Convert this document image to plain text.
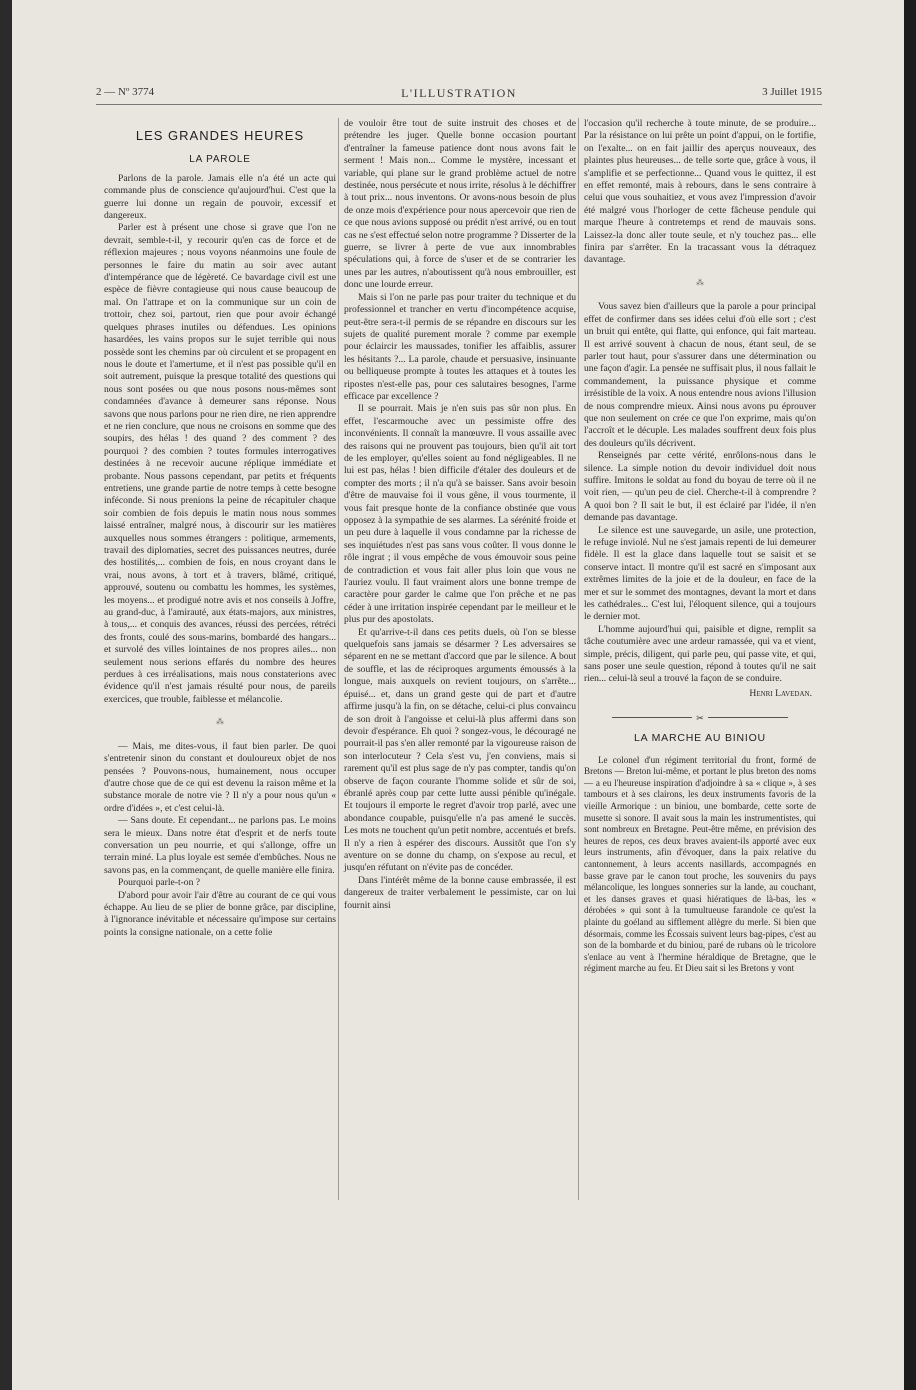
2 — Nº 3774	L'ILLUSTRATION	3 Juillet 1915
LES GRANDES HEURES
LA PAROLE

Parlons de la parole. Jamais elle n'a été un acte qui commande plus de conscience qu'aujourd'hui. C'est que la guerre lui donne un regain de pouvoir, excessif et dangereux.

Parler est à présent une chose si grave que l'on ne devrait, semble-t-il, y recourir qu'en cas de force et de réflexion majeures ; nous voyons néanmoins une foule de personnes le faire du matin au soir avec autant d'intempérance que de légèreté. Ce bavardage civil est une espèce de fièvre contagieuse qui nous cause beaucoup de mal. On l'attrape et on la communique sur un coin de trottoir, chez soi, partout, rien que pour avoir échangé quelques phrases inutiles ou défendues. Les opinions hasardées, les vains propos sur le sujet terrible qui nous possède sont les chemins par où circulent et se propagent en nous le doute et l'amertume, et il n'est pas possible qu'il en soit autrement, puisque la presque totalité des questions qui nous sont posées ou que nous posons nous-mêmes sont condamnées d'avance à demeurer sans réponse. Nous savons que nous parlons pour ne rien dire, ne rien apprendre et ne rien conclure, que nous ne croisons en somme que des soupirs, des hélas ! des quand ? des comment ? des pourquoi ? des combien ? toutes formules interrogatives destinées à ne recevoir aucune réplique immédiate et probante. Nous passons cependant, par petits et fréquents entretiens, une grande partie de notre temps à cette besogne inféconde. Si nous prenions la peine de récapituler chaque soir combien de fois depuis le matin nous nous sommes laissé entraîner, malgré nous, à discourir sur les matières auxquelles nous sommes étrangers : politique, armements, travail des diplomaties, secret des puissances neutres, durée des hostilités,... combien de fois, en nous croyant dans le vrai, nous avons, à tort et à travers, blâmé, critiqué, approuvé, soutenu ou combattu les hommes, les systèmes, les moyens... et prodigué notre avis et nos conseils à Joffre, au grand-duc, à l'amirauté, aux états-majors, aux ministres, à tous,... et conquis des avances, réussi des percées, rétréci des fronts, coulé des sous-marins, bombardé des hangars... et survolé des villes lointaines de nos propres ailes... non seulement nous serions effarés du nombre des heures perdues à ces irréalisations, mais nous constaterions avec évidence qu'il n'est jamais résulté pour nous, de pareils exercices, que trouble, faiblesse et mélancolie.

⁂

— Mais, me dites-vous, il faut bien parler. De quoi s'entretenir sinon du constant et douloureux objet de nos pensées ? Pouvons-nous, humainement, nous occuper d'autre chose que de ce qui est devenu la raison même et la substance morale de notre vie ? Il n'y a pour nous qu'un « ordre d'idées », et c'est celui-là.

— Sans doute. Et cependant... ne parlons pas. Le moins sera le mieux. Dans notre état d'esprit et de nerfs toute conversation un peu nourrie, et qui s'allonge, offre un terrain miné. La plus loyale est semée d'embûches. Nous ne savons pas, en la commençant, de quelle manière elle finira.

Pourquoi parle-t-on ?

D'abord pour avoir l'air d'être au courant de ce qui vous échappe. Au lieu de se plier de bonne grâce, par discipline, à l'ignorance inévitable et nécessaire qu'impose sur certains points la consigne nationale, on a cette folie

de vouloir être tout de suite instruit des choses et de prétendre les juger. Quelle bonne occasion pourtant d'entraîner la fameuse patience dont nous avons fait le serment ! Mais non... Comme le mystère, incessant et variable, qui plane sur le grand problème actuel de notre destinée, nous persécute et nous irrite, résolus à le déchiffrer à tout prix... nous inventons. Or avons-nous besoin de plus de onze mois d'expérience pour nous apercevoir que rien de ce que nous avions supposé ou prédit n'est arrivé, ou en tout cas ne s'est effectué selon notre programme ? Disserter de la guerre, se livrer à perte de vue aux innombrables spéculations qui, à force de s'user et de se contrarier les unes par les autres, n'aboutissent qu'à nous embrouiller, est donc une lourde erreur.

Mais si l'on ne parle pas pour traiter du technique et du professionnel et trancher en vertu d'incompétence acquise, peut-être sera-t-il permis de se répandre en discours sur les sujets de qualité purement morale ? comme par exemple pour éclaircir les maussades, tonifier les affaiblis, assurer les hésitants ?... La parole, chaude et persuasive, insinuante ou belliqueuse prompte à toutes les attaques et à toutes les ripostes n'est-elle pas, pour ces salutaires besognes, l'arme efficace par excellence ?

Il se pourrait. Mais je n'en suis pas sûr non plus. En effet, l'escarmouche avec un pessimiste offre des inconvénients. Il connaît la manœuvre. Il vous assaille avec des raisons qui ne prouvent pas toujours, bien qu'il ait tort de les employer, qu'elles soient au fond négligeables. Il ne lui est pas, hélas ! bien difficile d'étaler des douleurs et de compter des morts ; il n'a qu'à se baisser. Sans avoir besoin d'être de mauvaise foi il vous gêne, il vous tourmente, il vous fait presque honte de la confiance obstinée que vous opposez à la sympathie de ses alarmes. La sérénité froide et un peu dure à laquelle il vous condamne par la richesse de ses inquiétudes n'est pas sans vous coûter. Il vous donne le rôle ingrat ; il vous empêche de vous émouvoir sous peine de contradiction et vous fait aller plus loin que vous ne l'auriez voulu. Il faut vraiment alors une bonne trempe de caractère pour garder le calme que l'on prêche et ne pas céder à une irritation inspirée cependant par le meilleur et le plus pur des apostolats.

Et qu'arrive-t-il dans ces petits duels, où l'on se blesse quelquefois sans jamais se désarmer ? Les adversaires se séparent en ne se mettant d'accord que par le silence. A bout de souffle, et las de réciproques arguments émoussés à la longue, mais auxquels on revient toujours, on s'arrête... épuisé... et, dans un grand geste qui de part et d'autre affirme jusqu'à la fin, on se détache, celui-ci plus convaincu de son droit à l'angoisse et celui-là plus affermi dans son devoir d'espérance. Eh quoi ? songez-vous, le découragé ne pourrait-il pas s'en aller remonté par la vigoureuse raison de son interlocuteur ? Cela s'est vu, j'en conviens, mais si rarement qu'il est plus sage de n'y pas compter, tandis qu'on observe de façon courante l'homme solide et sûr de soi, ébranlé après coup par cette lutte aussi pénible qu'inégale. Et toujours il emporte le regret d'avoir trop parlé, avec une abondance coupable, puisqu'elle n'a pas amené le succès. Les mots ne touchent qu'un petit nombre, accentués et brefs. Il n'y a rien à espérer des discours. Aussitôt que l'on s'y aventure on se donne du champ, on s'expose au recul, et jusqu'en réfutant on n'évite pas de concéder.

Dans l'intérêt même de la bonne cause embrassée, il est dangereux de traiter verbalement le pessimiste, car on lui fournit ainsi

l'occasion qu'il recherche à toute minute, de se produire... Par la résistance on lui prête un point d'appui, on le fortifie, on l'exalte... on en fait jaillir des aperçus nouveaux, des plaintes plus heureuses... de telle sorte que, grâce à vous, il s'amplifie et se perfectionne... Quand vous le quittez, il est en effet remonté, mais à rebours, dans le sens contraire à celui que vous souhaitiez, et vous avez l'impression d'avoir été malgré vous l'horloger de cette fâcheuse pendule qui marque l'heure à contretemps et rend de mauvais sons. Laissez-la donc aller toute seule, et n'y touchez pas... elle finira par s'arrêter. En la tracassant vous la détraquez davantage.

⁂

Vous savez bien d'ailleurs que la parole a pour principal effet de confirmer dans ses idées celui d'où elle sort ; c'est un bruit qui entête, qui flatte, qui enfonce, qui fait marteau. Il est arrivé souvent à chacun de nous, étant seul, de se parler tout haut, pour s'assurer dans une détermination ou une façon d'agir. La pensée ne suffisait plus, il nous fallait le commandement, la puissance physique et comme irrésistible de la voix. A nous entendre nous avions l'illusion de nous comprendre mieux. Ainsi nous avons pu éprouver que non seulement on crée ce que l'on exprime, mais qu'on l'accroît et le décuple. Les malades souffrent deux fois plus des douleurs qu'ils décrivent.

Renseignés par cette vérité, enrôlons-nous dans le silence. La simple notion du devoir individuel doit nous suffire. Imitons le soldat au fond du boyau de terre où il ne voit rien, — qu'un peu de ciel. Cherche-t-il à comprendre ? A quoi bon ? Il sait le but, il est éclairé par l'idée, il n'en demande pas davantage.

Le silence est une sauvegarde, un asile, une protection, le refuge inviolé. Nul ne s'est jamais repenti de lui demeurer fidèle. Il est la glace dans laquelle tout se saisit et se conserve intact. Il montre qu'il est sacré en s'imposant aux extrêmes limites de la joie et de la douleur, en face de la mer et sur le sommet des montagnes, devant la mort et dans les cathédrales... C'est lui, l'éloquent silence, qui a toujours le dernier mot.

L'homme aujourd'hui qui, paisible et digne, remplit sa tâche coutumière avec une ardeur ramassée, qui va et vient, simple, précis, diligent, qui parle peu, qui passe vite, et qui, sans poser une seule question, répond à toutes qu'il ne sait rien... celui-là seul a trouvé la façon de se conduire.

Henri Lavedan.
✂
LA MARCHE AU BINIOU

Le colonel d'un régiment territorial du front, formé de Bretons — Breton lui-même, et portant le plus breton des noms — a eu l'heureuse inspiration d'adjoindre à sa « clique », à ses tambours et à ses clairons, les deux instruments favoris de la vieille Armorique : un biniou, une bombarde, cette sorte de musette si sonore. Il avait sous la main les instrumentistes, qui sont nombreux en Bretagne. Peut-être même, en prévision des heures de repos, ces deux braves avaient-ils apporté avec eux leurs instruments, afin d'évoquer, dans la paix relative du cantonnement, à leurs accents nasillards, accompagnés en basse grave par le canon tout proche, les souvenirs du pays mélancolique, les longues sonneries sur la lande, au couchant, et les danses graves et quasi hiératiques de là-bas, les « dérobées » qui sont à la tumultueuse farandole ce qu'est la plainte du goéland au sifflement allègre du merle. Si bien que désormais, comme les Écossais suivent leurs bag-pipes, c'est au son de la bombarde et du biniou, paré de rubans où le tricolore s'enlace au vent à l'hermine héraldique de Bretagne, que le régiment marche au feu. Et Dieu sait si les Bretons y vont
